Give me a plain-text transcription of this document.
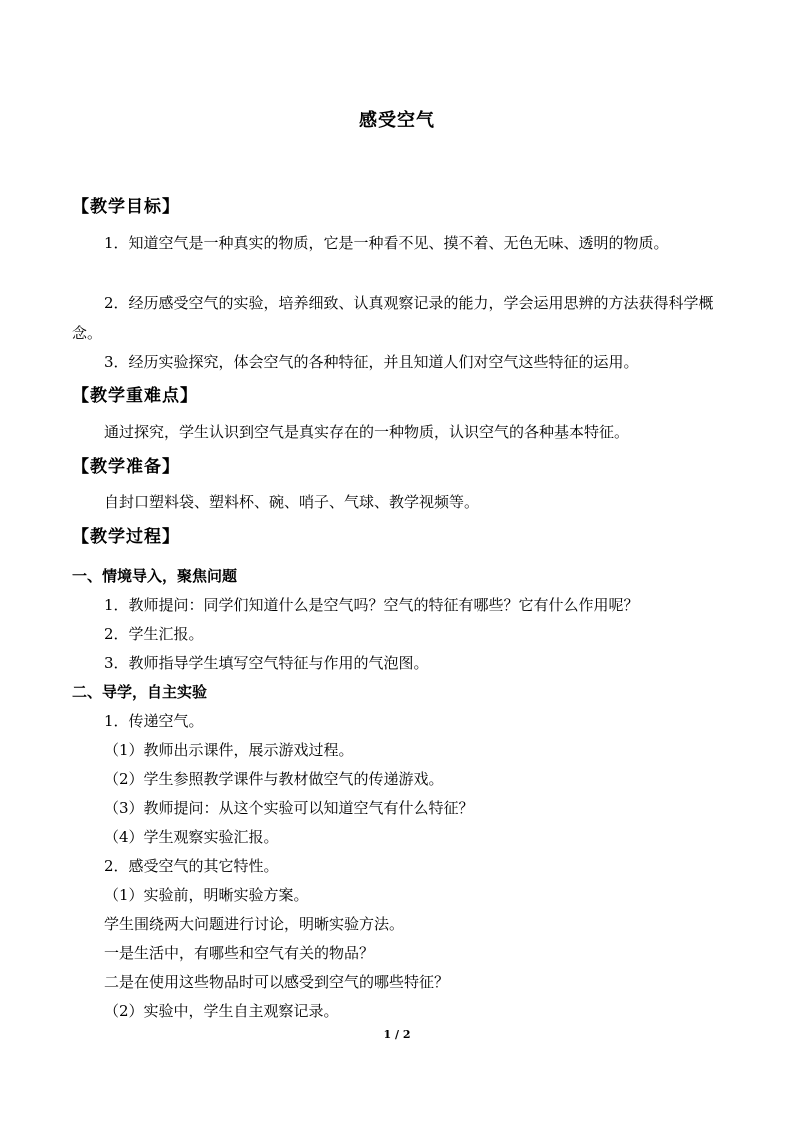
感受空气
【教学目标】
1．知道空气是一种真实的物质，它是一种看不见、摸不着、无色无味、透明的物质。
2．经历感受空气的实验，培养细致、认真观察记录的能力，学会运用思辨的方法获得科学概念。
3．经历实验探究，体会空气的各种特征，并且知道人们对空气这些特征的运用。
【教学重难点】
通过探究，学生认识到空气是真实存在的一种物质，认识空气的各种基本特征。
【教学准备】
自封口塑料袋、塑料杯、碗、哨子、气球、教学视频等。
【教学过程】
一、情境导入，聚焦问题
1．教师提问：同学们知道什么是空气吗？空气的特征有哪些？它有什么作用呢？
2．学生汇报。
3．教师指导学生填写空气特征与作用的气泡图。
二、导学，自主实验
1．传递空气。
（1）教师出示课件，展示游戏过程。
（2）学生参照教学课件与教材做空气的传递游戏。
（3）教师提问：从这个实验可以知道空气有什么特征？
（4）学生观察实验汇报。
2．感受空气的其它特性。
（1）实验前，明晰实验方案。
学生围绕两大问题进行讨论，明晰实验方法。
一是生活中，有哪些和空气有关的物品？
二是在使用这些物品时可以感受到空气的哪些特征？
（2）实验中，学生自主观察记录。
1 / 2
